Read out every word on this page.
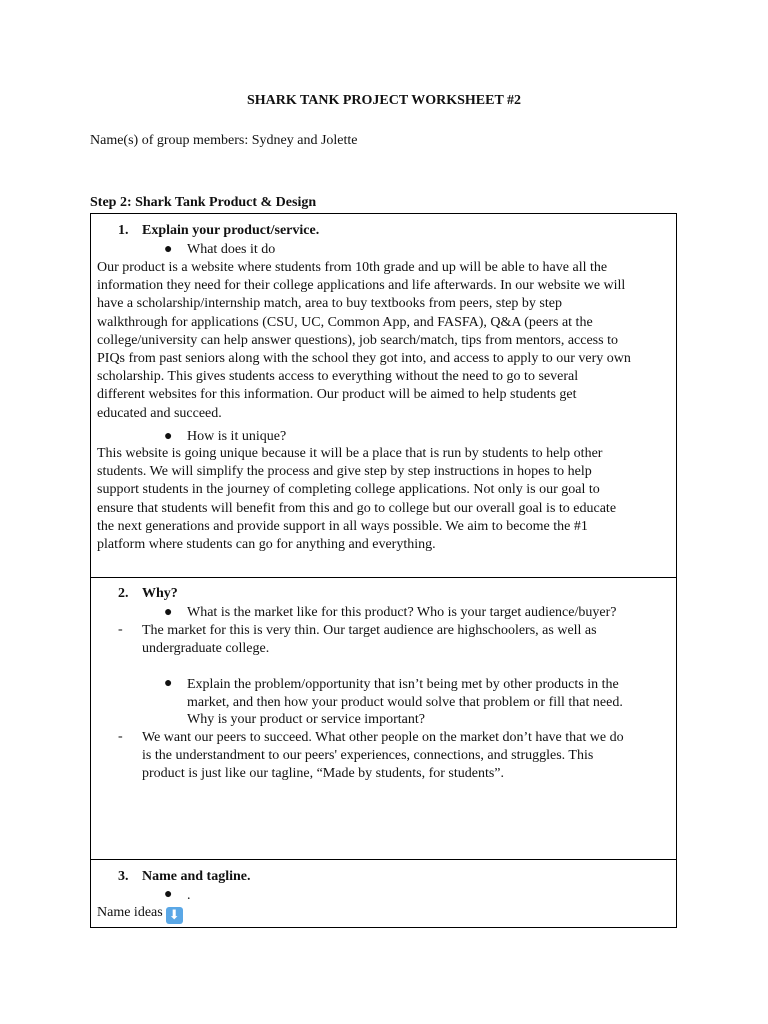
SHARK TANK PROJECT WORKSHEET #2
Name(s) of group members: Sydney and Jolette
Step 2: Shark Tank Product & Design
1. Explain your product/service.
● What does it do
Our product is a website where students from 10th grade and up will be able to have all the
information they need for their college applications and life afterwards. In our website we will
have a scholarship/internship match, area to buy textbooks from peers, step by step
walkthrough for applications (CSU, UC, Common App, and FASFA), Q&A (peers at the
college/university can help answer questions), job search/match, tips from mentors, access to
PIQs from past seniors along with the school they got into, and access to apply to our very own
scholarship. This gives students access to everything without the need to go to several
different websites for this information. Our product will be aimed to help students get
educated and succeed.
● How is it unique?
This website is going unique because it will be a place that is run by students to help other
students. We will simplify the process and give step by step instructions in hopes to help
support students in the journey of completing college applications. Not only is our goal to
ensure that students will benefit from this and go to college but our overall goal is to educate
the next generations and provide support in all ways possible. We aim to become the #1
platform where students can go for anything and everything.
2. Why?
● What is the market like for this product? Who is your target audience/buyer?
- The market for this is very thin. Our target audience are highschoolers, as well as
undergraduate college.
● Explain the problem/opportunity that isn’t being met by other products in the
market, and then how your product would solve that problem or fill that need.
Why is your product or service important?
- We want our peers to succeed. What other people on the market don’t have that we do
is the understandment to our peers' experiences, connections, and struggles. This
product is just like our tagline, “Made by students, for students”.
3. Name and tagline.
● .
Name ideas ⬇
